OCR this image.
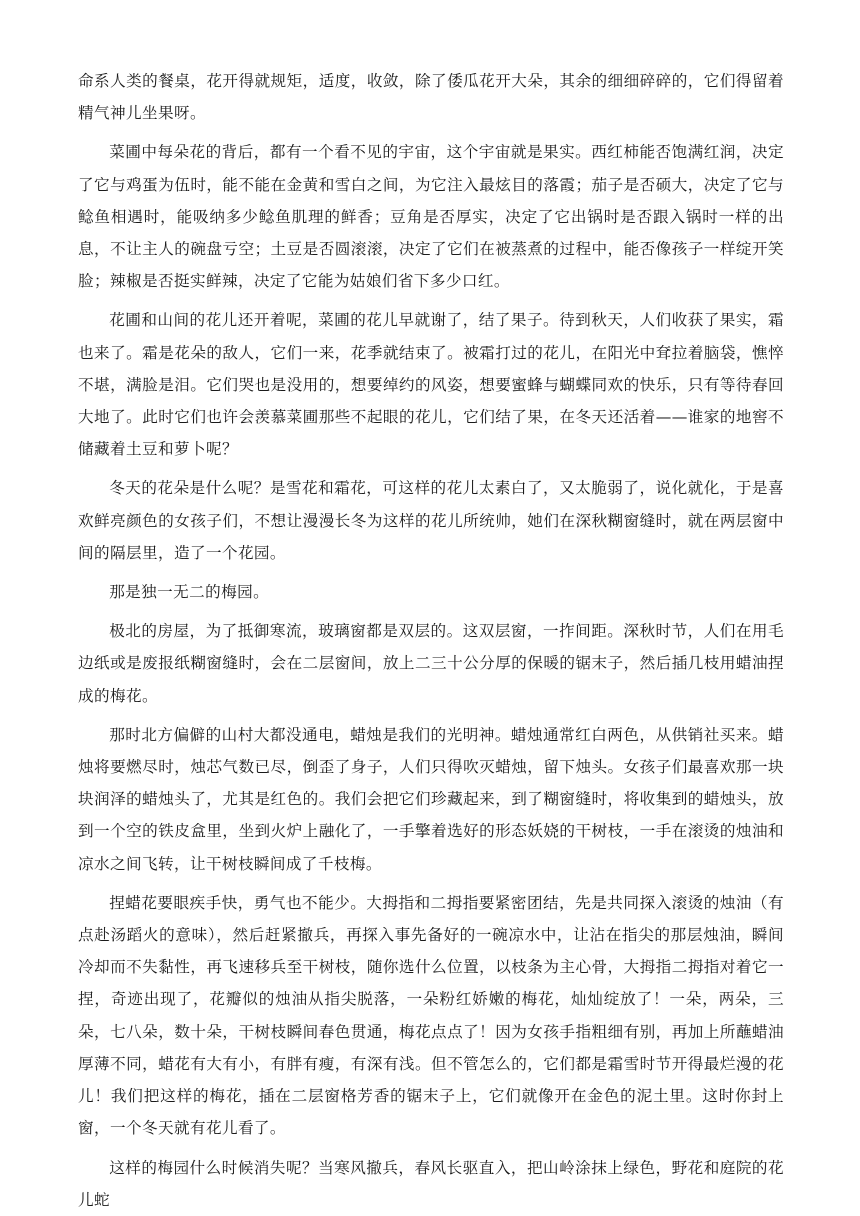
命系人类的餐桌，花开得就规矩，适度，收敛，除了倭瓜花开大朵，其余的细细碎碎的，它们得留着精气神儿坐果呀。

菜圃中每朵花的背后，都有一个看不见的宇宙，这个宇宙就是果实。西红柿能否饱满红润，决定了它与鸡蛋为伍时，能不能在金黄和雪白之间，为它注入最炫目的落霞；茄子是否硕大，决定了它与鲶鱼相遇时，能吸纳多少鲶鱼肌理的鲜香；豆角是否厚实，决定了它出锅时是否跟入锅时一样的出息，不让主人的碗盘亏空；土豆是否圆滚滚，决定了它们在被蒸煮的过程中，能否像孩子一样绽开笑脸；辣椒是否挺实鲜辣，决定了它能为姑娘们省下多少口红。

花圃和山间的花儿还开着呢，菜圃的花儿早就谢了，结了果子。待到秋天，人们收获了果实，霜也来了。霜是花朵的敌人，它们一来，花季就结束了。被霜打过的花儿，在阳光中耷拉着脑袋，憔悴不堪，满脸是泪。它们哭也是没用的，想要绰约的风姿，想要蜜蜂与蝴蝶同欢的快乐，只有等待春回大地了。此时它们也许会羡慕菜圃那些不起眼的花儿，它们结了果，在冬天还活着——谁家的地窖不储藏着土豆和萝卜呢？

冬天的花朵是什么呢？是雪花和霜花，可这样的花儿太素白了，又太脆弱了，说化就化，于是喜欢鲜亮颜色的女孩子们，不想让漫漫长冬为这样的花儿所统帅，她们在深秋糊窗缝时，就在两层窗中间的隔层里，造了一个花园。

那是独一无二的梅园。

极北的房屋，为了抵御寒流，玻璃窗都是双层的。这双层窗，一拃间距。深秋时节，人们在用毛边纸或是废报纸糊窗缝时，会在二层窗间，放上二三十公分厚的保暖的锯末子，然后插几枝用蜡油捏成的梅花。

那时北方偏僻的山村大都没通电，蜡烛是我们的光明神。蜡烛通常红白两色，从供销社买来。蜡烛将要燃尽时，烛芯气数已尽，倒歪了身子，人们只得吹灭蜡烛，留下烛头。女孩子们最喜欢那一块块润泽的蜡烛头了，尤其是红色的。我们会把它们珍藏起来，到了糊窗缝时，将收集到的蜡烛头，放到一个空的铁皮盒里，坐到火炉上融化了，一手擎着选好的形态妖娆的干树枝，一手在滚烫的烛油和凉水之间飞转，让干树枝瞬间成了千枝梅。

捏蜡花要眼疾手快，勇气也不能少。大拇指和二拇指要紧密团结，先是共同探入滚烫的烛油（有点赴汤蹈火的意味），然后赶紧撤兵，再探入事先备好的一碗凉水中，让沾在指尖的那层烛油，瞬间冷却而不失黏性，再飞速移兵至干树枝，随你选什么位置，以枝条为主心骨，大拇指二拇指对着它一捏，奇迹出现了，花瓣似的烛油从指尖脱落，一朵粉红娇嫩的梅花，灿灿绽放了！一朵，两朵，三朵，七八朵，数十朵，干树枝瞬间春色贯通，梅花点点了！因为女孩手指粗细有别，再加上所蘸蜡油厚薄不同，蜡花有大有小，有胖有瘦，有深有浅。但不管怎么的，它们都是霜雪时节开得最烂漫的花儿！我们把这样的梅花，插在二层窗格芳香的锯末子上，它们就像开在金色的泥土里。这时你封上窗，一个冬天就有花儿看了。

这样的梅园什么时候消失呢？当寒风撤兵，春风长驱直入，把山岭涂抹上绿色，野花和庭院的花儿蛇
